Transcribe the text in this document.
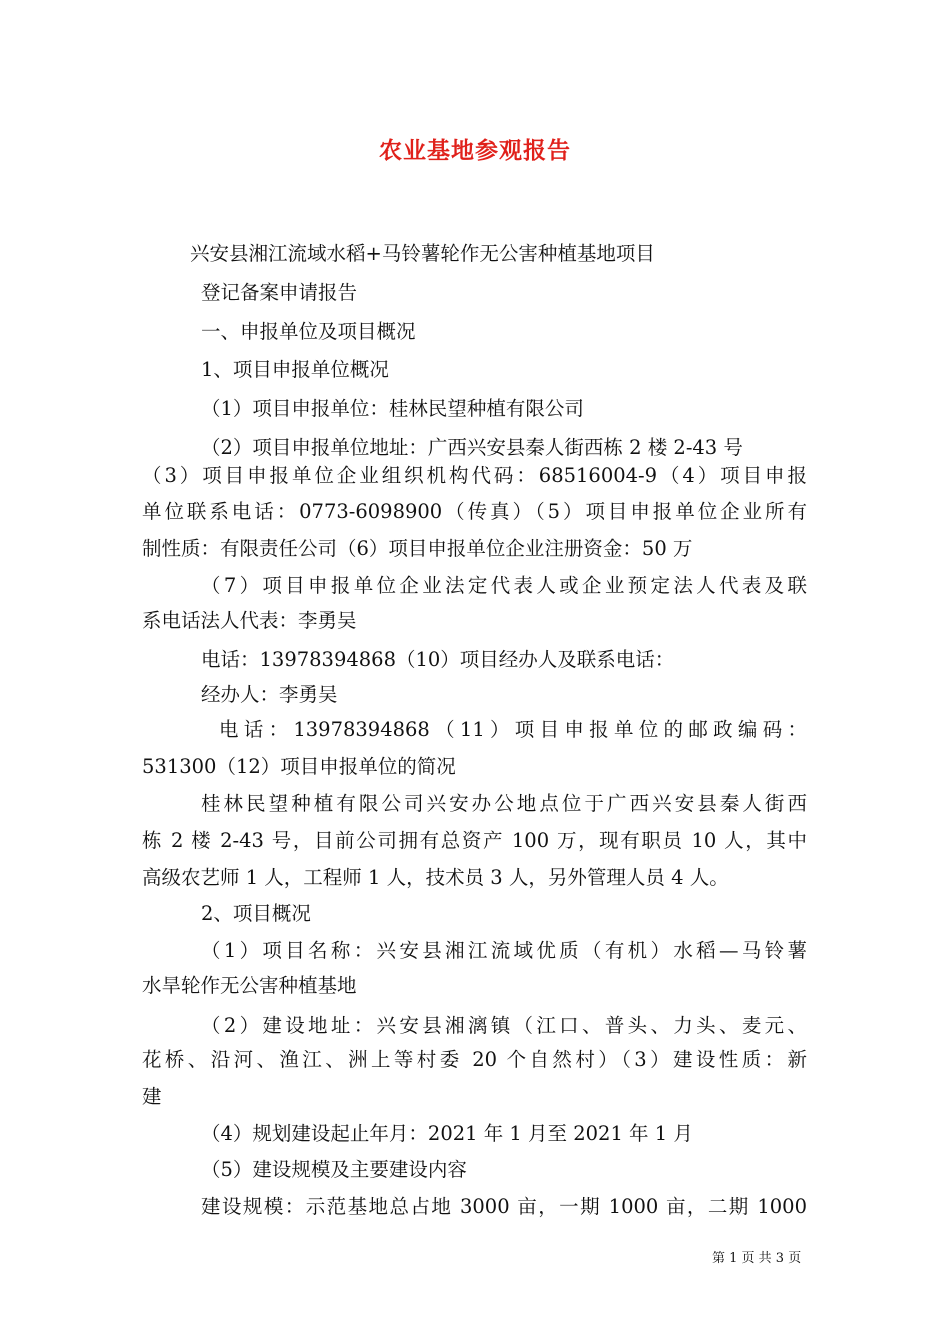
农业基地参观报告
兴安县湘江流域水稻+马铃薯轮作无公害种植基地项目
登记备案申请报告
一、申报单位及项目概况
1、项目申报单位概况
（1）项目申报单位：桂林民望种植有限公司
（2）项目申报单位地址：广西兴安县秦人街西栋 2 楼 2-43 号
（3）项目申报单位企业组织机构代码：68516004-9（4）项目申报
单位联系电话：0773-6098900（传真）（5）项目申报单位企业所有
制性质：有限责任公司（6）项目申报单位企业注册资金：50 万
（7）项目申报单位企业法定代表人或企业预定法人代表及联
系电话法人代表：李勇吴
电话：13978394868（10）项目经办人及联系电话：
经办人：李勇吴
电话：13978394868（11）项目申报单位的邮政编码：
531300（12）项目申报单位的简况
桂林民望种植有限公司兴安办公地点位于广西兴安县秦人街西
栋 2 楼 2-43 号，目前公司拥有总资产 100 万，现有职员 10 人，其中
高级农艺师 1 人，工程师 1 人，技术员 3 人，另外管理人员 4 人。
2、项目概况
（1）项目名称：兴安县湘江流域优质（有机）水稻—马铃薯
水旱轮作无公害种植基地
（2）建设地址：兴安县湘漓镇（江口、普头、力头、麦元、
花桥、沿河、渔江、洲上等村委 20 个自然村）（3）建设性质：新
建
（4）规划建设起止年月：2021 年 1 月至 2021 年 1 月
（5）建设规模及主要建设内容
建设规模：示范基地总占地 3000 亩，一期 1000 亩，二期 1000
第 1 页 共 3 页
